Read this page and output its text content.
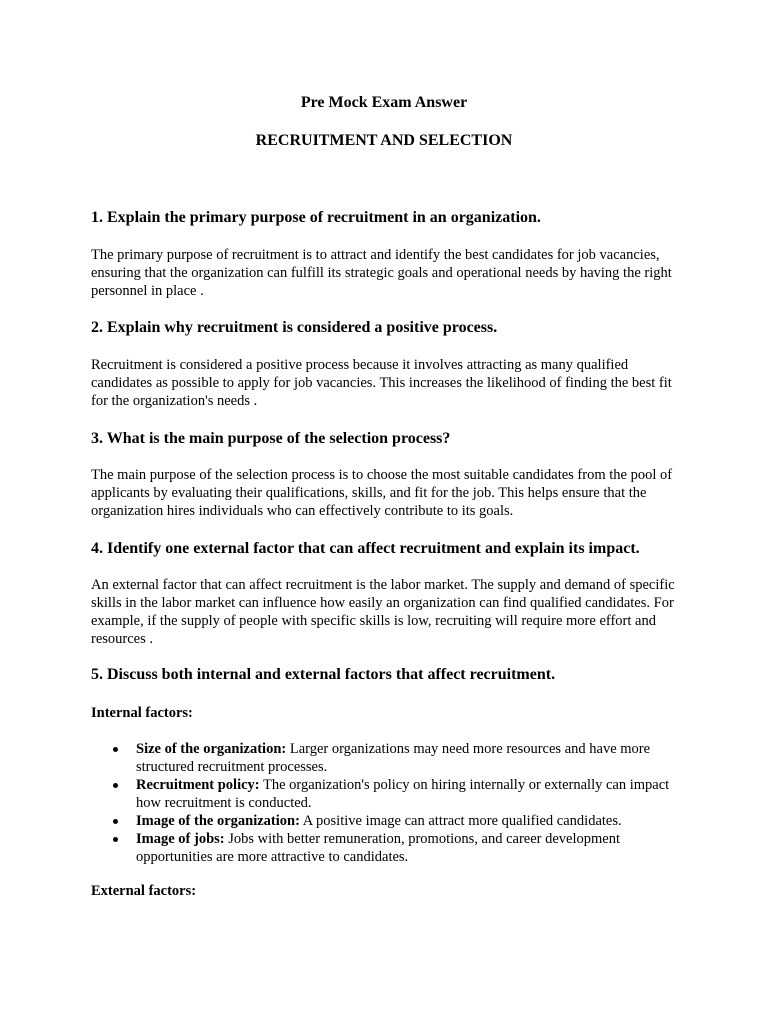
Pre Mock Exam Answer
RECRUITMENT AND SELECTION
1. Explain the primary purpose of recruitment in an organization.

The primary purpose of recruitment is to attract and identify the best candidates for job vacancies, ensuring that the organization can fulfill its strategic goals and operational needs by having the right personnel in place .

2. Explain why recruitment is considered a positive process.

Recruitment is considered a positive process because it involves attracting as many qualified candidates as possible to apply for job vacancies. This increases the likelihood of finding the best fit for the organization's needs .

3. What is the main purpose of the selection process?

The main purpose of the selection process is to choose the most suitable candidates from the pool of applicants by evaluating their qualifications, skills, and fit for the job. This helps ensure that the organization hires individuals who can effectively contribute to its goals.

4. Identify one external factor that can affect recruitment and explain its impact.

An external factor that can affect recruitment is the labor market. The supply and demand of specific skills in the labor market can influence how easily an organization can find qualified candidates. For example, if the supply of people with specific skills is low, recruiting will require more effort and resources .

5. Discuss both internal and external factors that affect recruitment.

Internal factors:

Size of the organization: Larger organizations may need more resources and have more structured recruitment processes.
Recruitment policy: The organization's policy on hiring internally or externally can impact how recruitment is conducted.
Image of the organization: A positive image can attract more qualified candidates.
Image of jobs: Jobs with better remuneration, promotions, and career development opportunities are more attractive to candidates.

External factors:
